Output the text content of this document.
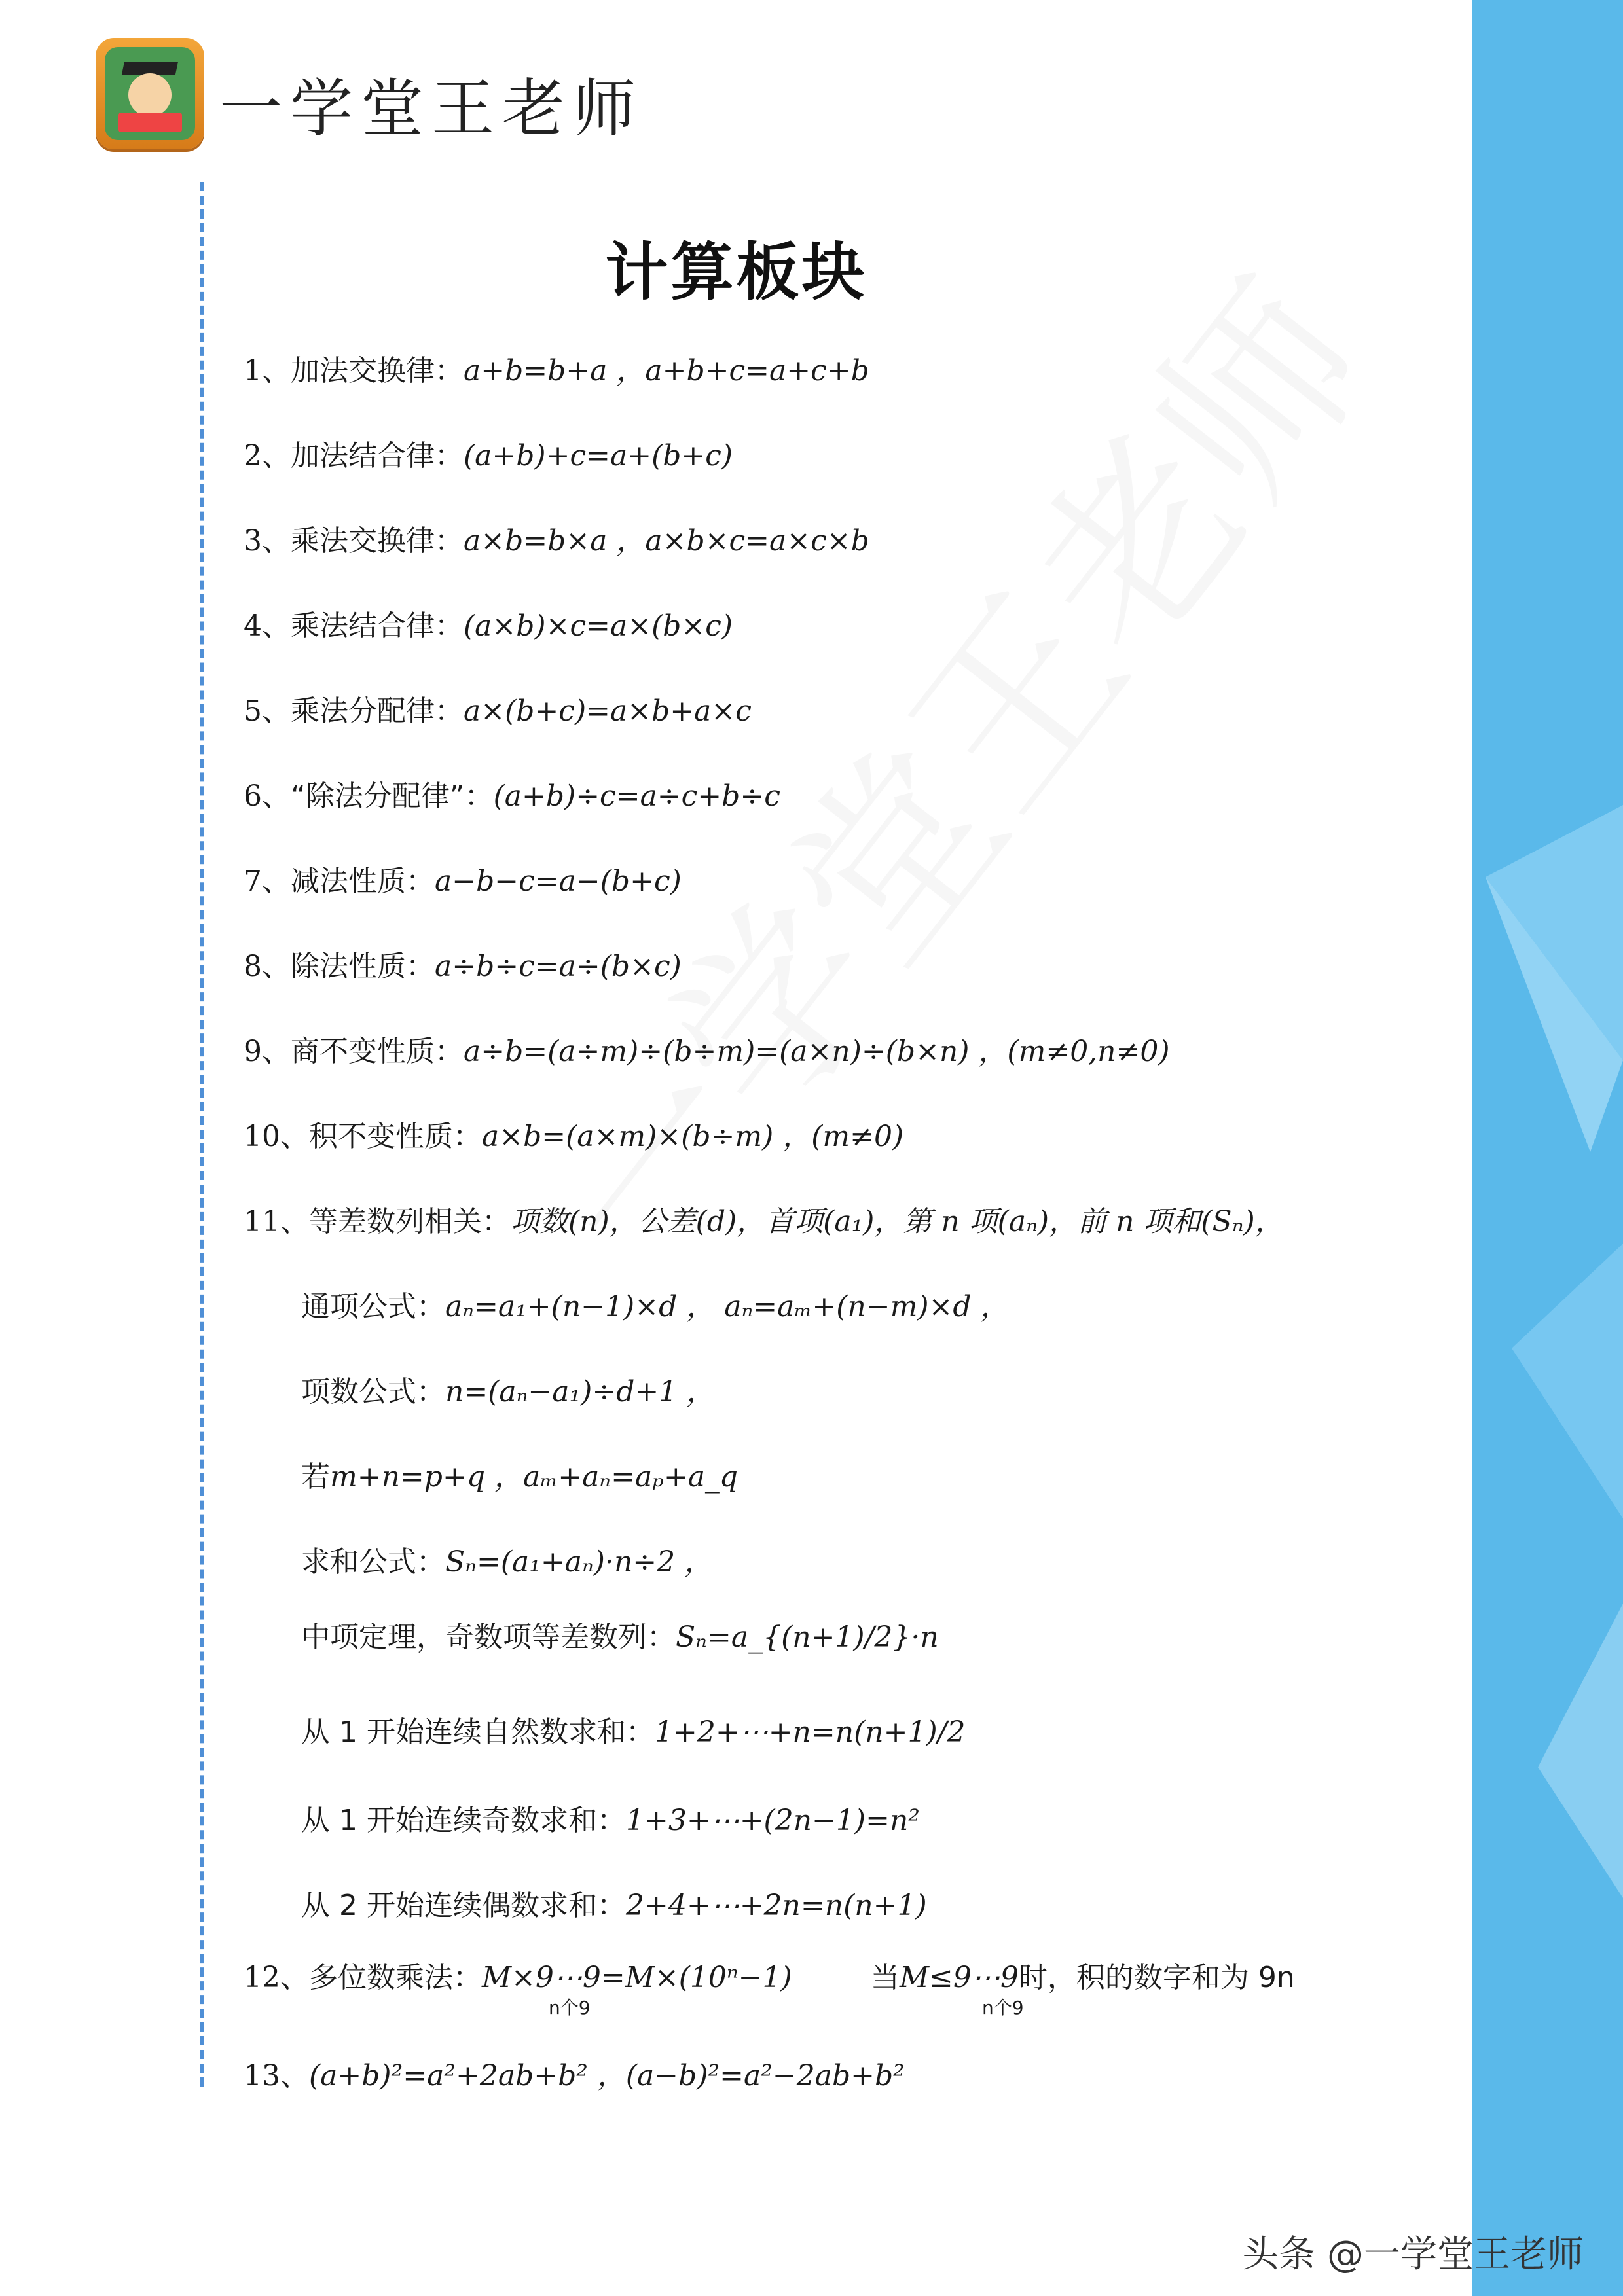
一学堂王老师
计算板块
1、加法交换律：a+b=b+a ，a+b+c=a+c+b
2、加法结合律：(a+b)+c=a+(b+c)
3、乘法交换律：a×b=b×a ，a×b×c=a×c×b
4、乘法结合律：(a×b)×c=a×(b×c)
5、乘法分配律：a×(b+c)=a×b+a×c
6、“除法分配律”：(a+b)÷c=a÷c+b÷c
7、减法性质：a−b−c=a−(b+c)
8、除法性质：a÷b÷c=a÷(b×c)
9、商不变性质：a÷b=(a÷m)÷(b÷m)=(a×n)÷(b×n) ，(m≠0,n≠0)
10、积不变性质：a×b=(a×m)×(b÷m) ，(m≠0)
11、等差数列相关：项数(n)，公差(d)，首项(a₁)，第 n 项(aₙ)，前 n 项和(Sₙ)，
通项公式：aₙ=a₁+(n−1)×d ， aₙ=aₘ+(n−m)×d ，
项数公式：n=(aₙ−a₁)÷d+1 ，
若m+n=p+q ，aₘ+aₙ=aₚ+a_q
求和公式：Sₙ=(a₁+aₙ)·n÷2 ，
中项定理，奇数项等差数列：Sₙ=a_{(n+1)/2}·n
从 1 开始连续自然数求和：1+2+⋯+n=n(n+1)/2
从 1 开始连续奇数求和：1+3+⋯+(2n−1)=n²
从 2 开始连续偶数求和：2+4+⋯+2n=n(n+1)
12、多位数乘法：M×9⋯9=M×(10ⁿ−1)
n个9
当M≤9⋯9时，积的数字和为 9n
n个9
13、(a+b)²=a²+2ab+b² ，(a−b)²=a²−2ab+b²
头条 @一学堂王老师
